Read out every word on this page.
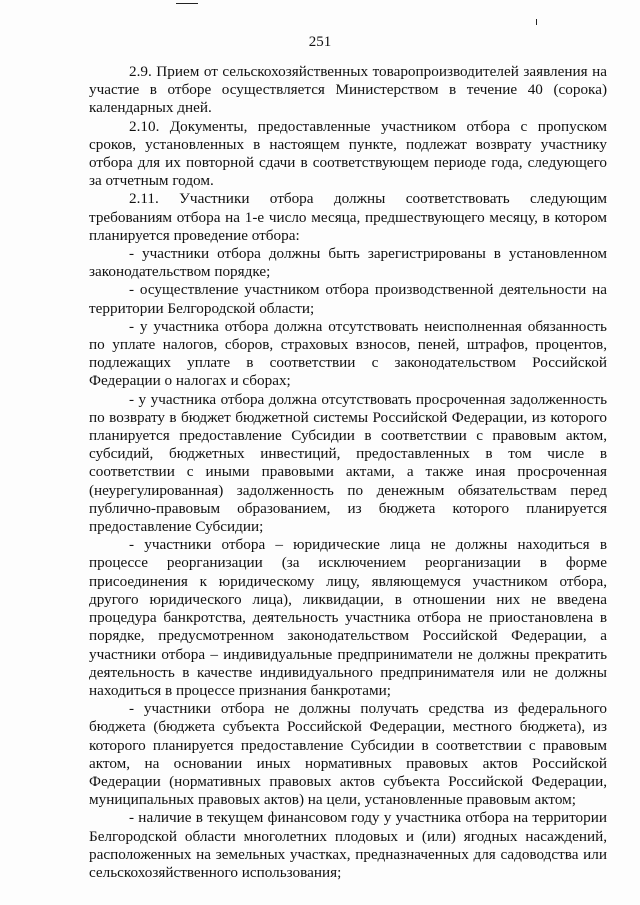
251

2.9. Прием от сельскохозяйственных товаропроизводителей заявления на участие в отборе осуществляется Министерством в течение 40 (сорока) календарных дней.

2.10. Документы, предоставленные участником отбора с пропуском сроков, установленных в настоящем пункте, подлежат возврату участнику отбора для их повторной сдачи в соответствующем периоде года, следующего за отчетным годом.

2.11. Участники отбора должны соответствовать следующим требованиям отбора на 1-е число месяца, предшествующего месяцу, в котором планируется проведение отбора:

- участники отбора должны быть зарегистрированы в установленном законодательством порядке;

- осуществление участником отбора производственной деятельности на территории Белгородской области;

- у участника отбора должна отсутствовать неисполненная обязанность по уплате налогов, сборов, страховых взносов, пеней, штрафов, процентов, подлежащих уплате в соответствии с законодательством Российской Федерации о налогах и сборах;

- у участника отбора должна отсутствовать просроченная задолженность по возврату в бюджет бюджетной системы Российской Федерации, из которого планируется предоставление Субсидии в соответствии с правовым актом, субсидий, бюджетных инвестиций, предоставленных в том числе в соответствии с иными правовыми актами, а также иная просроченная (неурегулированная) задолженность по денежным обязательствам перед публично-правовым образованием, из бюджета которого планируется предоставление Субсидии;

- участники отбора – юридические лица не должны находиться в процессе реорганизации (за исключением реорганизации в форме присоединения к юридическому лицу, являющемуся участником отбора, другого юридического лица), ликвидации, в отношении них не введена процедура банкротства, деятельность участника отбора не приостановлена в порядке, предусмотренном законодательством Российской Федерации, а участники отбора – индивидуальные предприниматели не должны прекратить деятельность в качестве индивидуального предпринимателя или не должны находиться в процессе признания банкротами;

- участники отбора не должны получать средства из федерального бюджета (бюджета субъекта Российской Федерации, местного бюджета), из которого планируется предоставление Субсидии в соответствии с правовым актом, на основании иных нормативных правовых актов Российской Федерации (нормативных правовых актов субъекта Российской Федерации, муниципальных правовых актов) на цели, установленные правовым актом;

- наличие в текущем финансовом году у участника отбора на территории Белгородской области многолетних плодовых и (или) ягодных насаждений, расположенных на земельных участках, предназначенных для садоводства или сельскохозяйственного использования;
